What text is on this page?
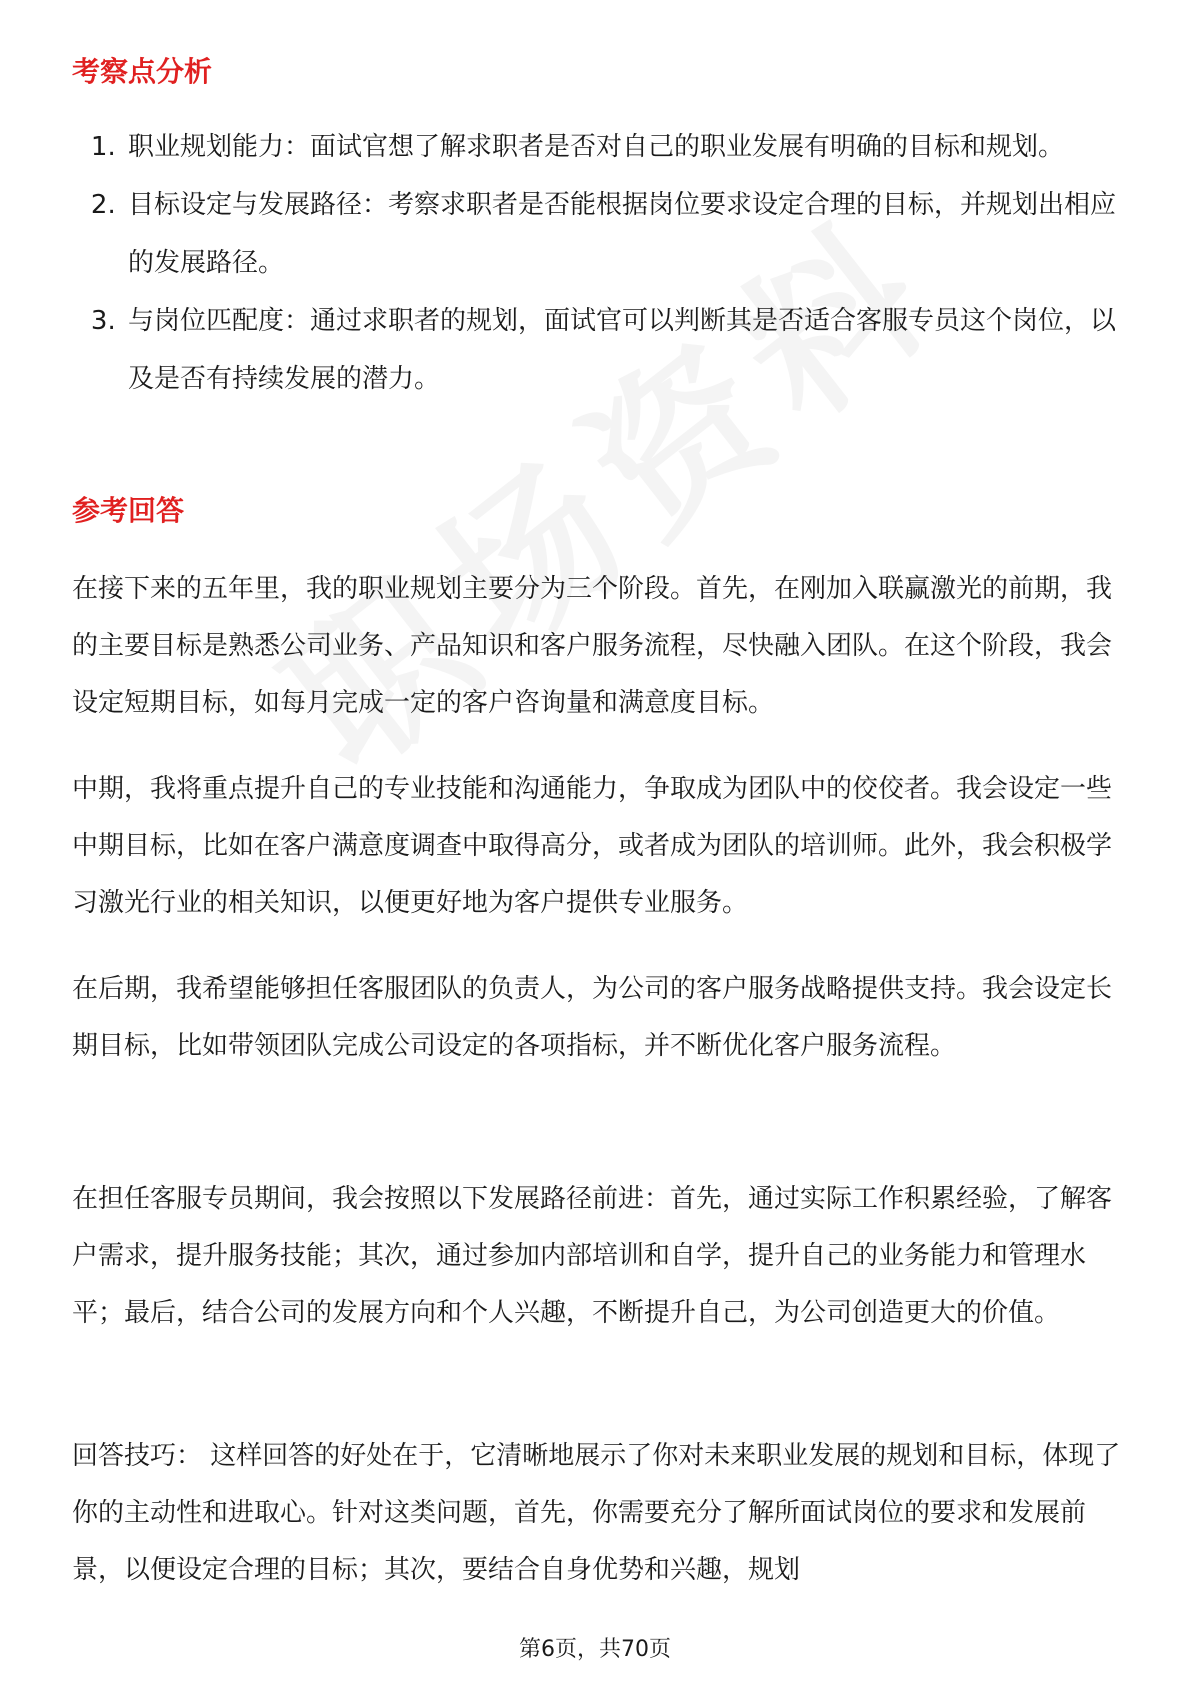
考察点分析
1. 职业规划能力：面试官想了解求职者是否对自己的职业发展有明确的目标和规划。
2. 目标设定与发展路径：考察求职者是否能根据岗位要求设定合理的目标，并规划出相应的发展路径。
3. 与岗位匹配度：通过求职者的规划，面试官可以判断其是否适合客服专员这个岗位，以及是否有持续发展的潜力。
参考回答

在接下来的五年里，我的职业规划主要分为三个阶段。首先，在刚加入联赢激光的前期，我的主要目标是熟悉公司业务、产品知识和客户服务流程，尽快融入团队。在这个阶段，我会设定短期目标，如每月完成一定的客户咨询量和满意度目标。

中期，我将重点提升自己的专业技能和沟通能力，争取成为团队中的佼佼者。我会设定一些中期目标，比如在客户满意度调查中取得高分，或者成为团队的培训师。此外，我会积极学习激光行业的相关知识，以便更好地为客户提供专业服务。

在后期，我希望能够担任客服团队的负责人，为公司的客户服务战略提供支持。我会设定长期目标，比如带领团队完成公司设定的各项指标，并不断优化客户服务流程。

在担任客服专员期间，我会按照以下发展路径前进：首先，通过实际工作积累经验，了解客户需求，提升服务技能；其次，通过参加内部培训和自学，提升自己的业务能力和管理水平；最后，结合公司的发展方向和个人兴趣，不断提升自己，为公司创造更大的价值。

回答技巧： 这样回答的好处在于，它清晰地展示了你对未来职业发展的规划和目标，体现了你的主动性和进取心。针对这类问题，首先，你需要充分了解所面试岗位的要求和发展前景，以便设定合理的目标；其次，要结合自身优势和兴趣，规划

第6页，共70页
